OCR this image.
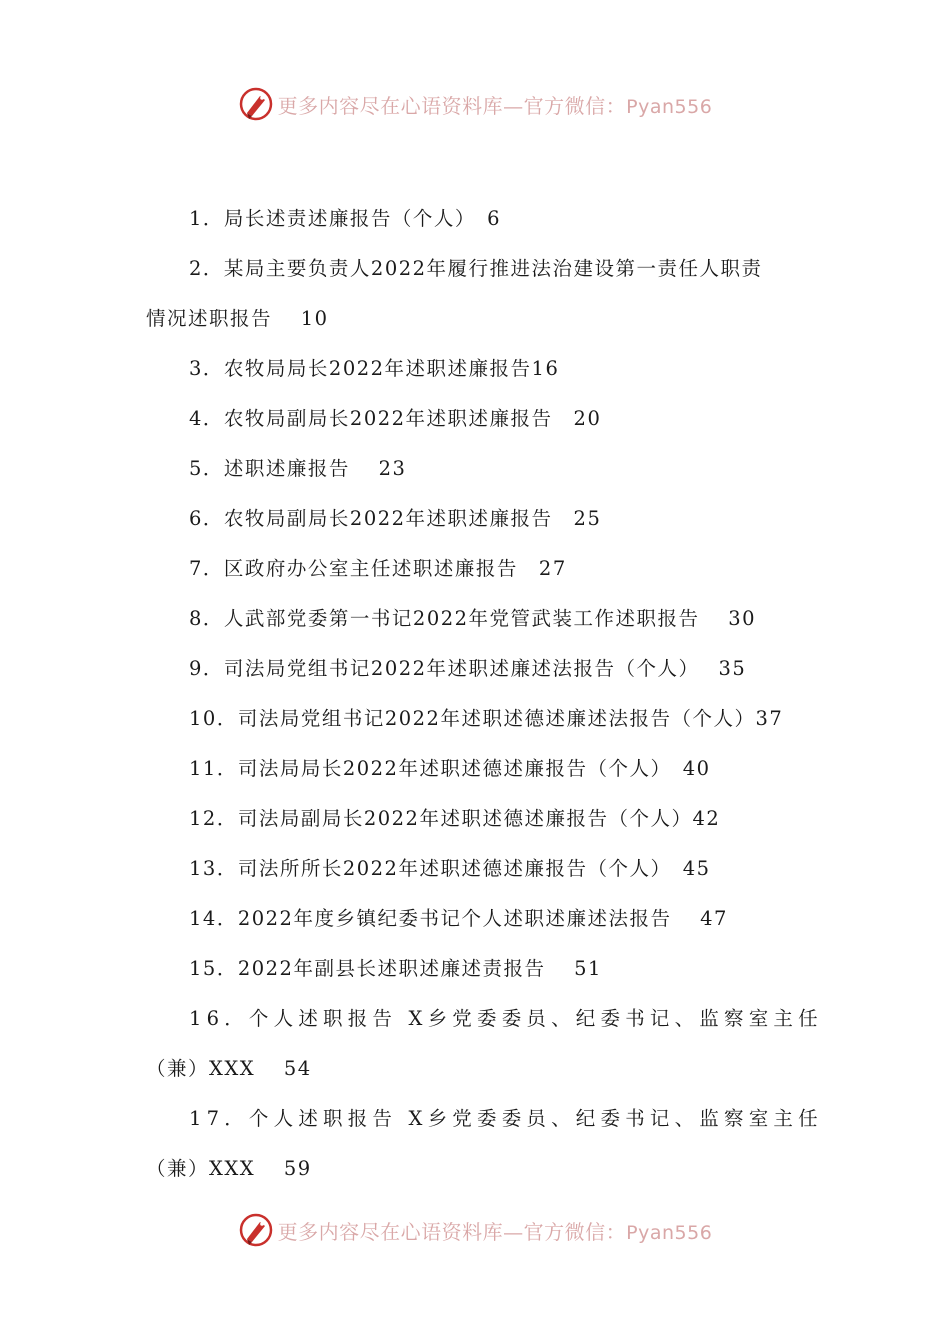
更多内容尽在心语资料库—官方微信：Pyan556
1．局长述责述廉报告（个人）　6
2．某局主要负责人2022年履行推进法治建设第一责任人职责
情况述职报告　 10
3．农牧局局长2022年述职述廉报告16
4．农牧局副局长2022年述职述廉报告　20
5．述职述廉报告　 23
6．农牧局副局长2022年述职述廉报告　25
7．区政府办公室主任述职述廉报告　27
8．人武部党委第一书记2022年党管武装工作述职报告　 30
9．司法局党组书记2022年述职述廉述法报告（个人）　 35
10．司法局党组书记2022年述职述德述廉述法报告（个人）37
11．司法局局长2022年述职述德述廉报告（个人）　40
12．司法局副局长2022年述职述德述廉报告（个人）42
13．司法所所长2022年述职述德述廉报告（个人）　45
14．2022年度乡镇纪委书记个人述职述廉述法报告　 47
15．2022年副县长述职述廉述责报告　 51
16．个人述职报告 X乡党委委员、纪委书记、监察室主任
（兼）XXX　 54
17．个人述职报告 X乡党委委员、纪委书记、监察室主任
（兼）XXX　 59
更多内容尽在心语资料库—官方微信：Pyan556
